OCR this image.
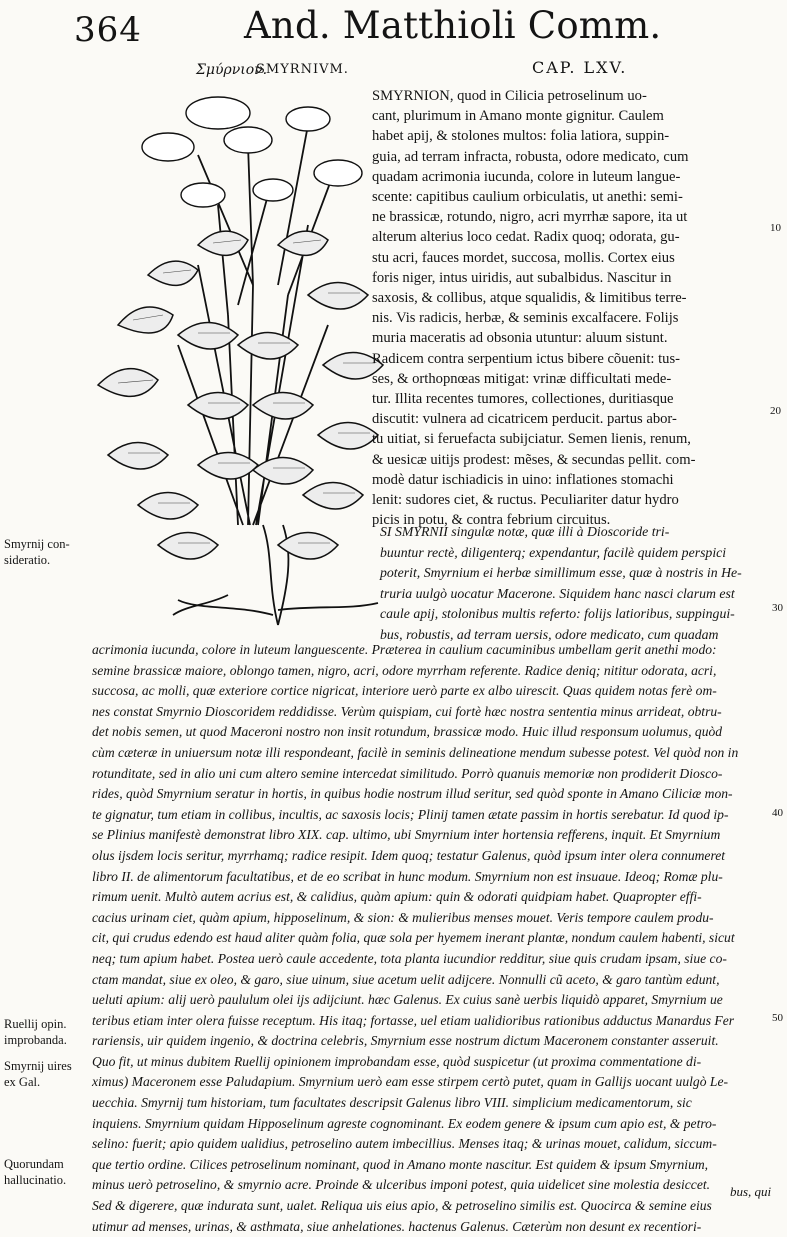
364	And. Matthioli Comm.
Σμύρνιον.
SMYRNIVM.	CAP. LXV.
SMYRNION, quod in Cilicia petroselinum uo-
cant, plurimum in Amano monte gignitur. Caulem
habet apij, & stolones multos: folia latiora, suppin-
guia, ad terram infracta, robusta, odore medicato, cum
quadam acrimonia iucunda, colore in luteum langue-
scente: capitibus caulium orbiculatis, ut anethi: semi-
ne brassicæ, rotundo, nigro, acri myrrhæ sapore, ita ut
alterum alterius loco cedat. Radix quoq; odorata, gu-
stu acri, fauces mordet, succosa, mollis. Cortex eius
foris niger, intus uiridis, aut subalbidus. Nascitur in
saxosis, & collibus, atque squalidis, & limitibus terre-
nis. Vis radicis, herbæ, & seminis excalfacere. Folijs
muria maceratis ad obsonia utuntur: aluum sistunt.
Radicem contra serpentium ictus bibere cõuenit: tus-
ses, & orthopnœas mitigat: vrinæ difficultati mede-
tur. Illita recentes tumores, collectiones, duritiasque
discutit: vulnera ad cicatricem perducit. partus abor-
tu uitiat, si feruefacta subijciatur. Semen lienis, renum,
& uesicæ uitijs prodest: mẽses, & secundas pellit. com-
modè datur ischiadicis in uino: inflationes stomachi
lenit: sudores ciet, & ructus. Peculiariter datur hydro
picis in potu, & contra febrium circuitus.
SI SMYRNII singulæ notæ, quæ illi à Dioscoride tri-
buuntur rectè, diligenterq; expendantur, facilè quidem perspici
poterit, Smyrnium ei herbæ simillimum esse, quæ à nostris in He-
truria uulgò uocatur Macerone. Siquidem hanc nasci clarum est
caule apij, stolonibus multis referto: folijs latioribus, suppingui-
bus, robustis, ad terram uersis, odore medicato, cum quadam
acrimonia iucunda, colore in luteum languescente. Præterea in caulium cacuminibus umbellam gerit anethi modo:
semine brassicæ maiore, oblongo tamen, nigro, acri, odore myrrham referente. Radice deniq; nititur odorata, acri,
succosa, ac molli, quæ exteriore cortice nigricat, interiore uerò parte ex albo uirescit. Quas quidem notas ferè om-
nes constat Smyrnio Dioscoridem reddidisse. Verùm quispiam, cui fortè hæc nostra sententia minus arrideat, obtru-
det nobis semen, ut quod Maceroni nostro non insit rotundum, brassicæ modo. Huic illud responsum uolumus, quòd
cùm cæteræ in uniuersum notæ illi respondeant, facilè in seminis delineatione mendum subesse potest. Vel quòd non in
rotunditate, sed in alio uni cum altero semine intercedat similitudo. Porrò quanuis memoriæ non prodiderit Diosco-
rides, quòd Smyrnium seratur in hortis, in quibus hodie nostrum illud seritur, sed quòd sponte in Amano Ciliciæ mon-
te gignatur, tum etiam in collibus, incultis, ac saxosis locis; Plinij tamen ætate passim in hortis serebatur. Id quod ip-
se Plinius manifestè demonstrat libro XIX. cap. ultimo, ubi Smyrnium inter hortensia refferens, inquit. Et Smyrnium
olus ijsdem locis seritur, myrrhamq; radice resipit. Idem quoq; testatur Galenus, quòd ipsum inter olera connumeret
libro II. de alimentorum facultatibus, et de eo scribat in hunc modum. Smyrnium non est insuaue. Ideoq; Romæ plu-
rimum uenit. Multò autem acrius est, & calidius, quàm apium: quin & odorati quidpiam habet. Quapropter effi-
cacius urinam ciet, quàm apium, hipposelinum, & sion: & mulieribus menses mouet. Veris tempore caulem produ-
cit, qui crudus edendo est haud aliter quàm folia, quæ sola per hyemem inerant plantæ, nondum caulem habenti, sicut
neq; tum apium habet. Postea uerò caule accedente, tota planta iucundior redditur, siue quis crudam ipsam, siue co-
ctam mandat, siue ex oleo, & garo, siue uinum, siue acetum uelit adijcere. Nonnulli cũ aceto, & garo tantùm edunt,
ueluti apium: alij uerò paululum olei ijs adijciunt. hæc Galenus. Ex cuius sanè uerbis liquidò apparet, Smyrnium ue
teribus etiam inter olera fuisse receptum. His itaq; fortasse, uel etiam ualidioribus rationibus adductus Manardus Fer
rariensis, uir quidem ingenio, & doctrina celebris, Smyrnium esse nostrum dictum Maceronem constanter asseruit.
Quo fit, ut minus dubitem Ruellij opinionem improbandam esse, quòd suspicetur (ut proxima commentatione di-
ximus) Maceronem esse Paludapium. Smyrnium uerò eam esse stirpem certò putet, quam in Gallijs uocant uulgò Le-
uecchia. Smyrnij tum historiam, tum facultates descripsit Galenus libro VIII. simplicium medicamentorum, sic
inquiens. Smyrnium quidam Hipposelinum agreste cognominant. Ex eodem genere & ipsum cum apio est, & petro-
selino: fuerit; apio quidem ualidius, petroselino autem imbecillius. Menses itaq; & urinas mouet, calidum, siccum-
que tertio ordine. Cilices petroselinum nominant, quod in Amano monte nascitur. Est quidem & ipsum Smyrnium,
minus uerò petroselino, & smyrnio acre. Proinde & ulceribus imponi potest, quia uidelicet sine molestia desiccet.
Sed & digerere, quæ indurata sunt, ualet. Reliqua uis eius apio, & petroselino similis est. Quocirca & semine eius
utimur ad menses, urinas, & asthmata, siue anhelationes. hactenus Galenus. Cæterùm non desunt ex recentiori-
bus, qui
10
20
30
40
50
Smyrnij con-
sideratio.
Ruellij opin.
improbanda.
Smyrnij uires
ex Gal.
Quorundam
hallucinatio.
